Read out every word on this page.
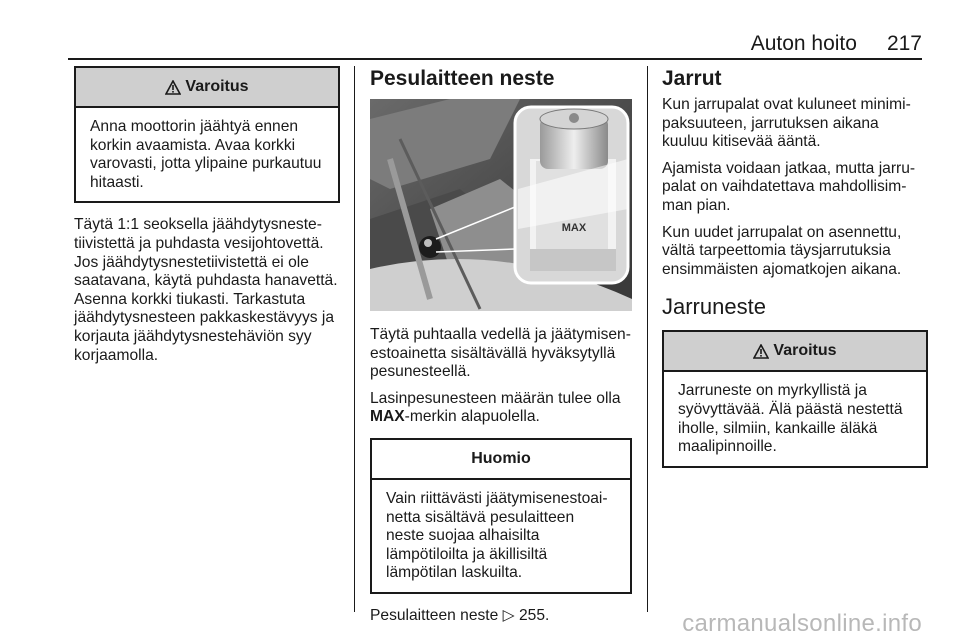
Auton hoito 217
Varoitus
Anna moottorin jäähtyä ennen korkin avaamista. Avaa korkki varovasti, jotta ylipaine purkautuu hitaasti.

Täytä 1:1 seoksella jäähdytysnestetiivistettä ja puhdasta vesijohtovettä. Jos jäähdytysnestetiivistettä ei ole saatavana, käytä puhdasta hanavettä. Asenna korkki tiukasti. Tarkastuta jäähdytysnesteen pakkaskestävyys ja korjauta jäähdytysnestehäviön syy korjaamolla.

Pesulaitteen neste
MAX

Täytä puhtaalla vedellä ja jäätymisenestoainetta sisältävällä hyväksytyllä pesunesteellä.

Lasinpesunesteen määrän tulee olla
MAX-merkin alapuolella.

Huomio
Vain riittävästi jäätymisenestoainetta sisältävä pesulaitteen neste suojaa alhaisilta lämpötiloilta ja äkillisiltä lämpötilan laskuilta.

Pesulaitteen neste ▷ 255.

Jarrut

Kun jarrupalat ovat kuluneet minimipaksuuteen, jarrutuksen aikana kuuluu kitisevää ääntä.

Ajamista voidaan jatkaa, mutta jarrupalat on vaihdatettava mahdollisimman pian.

Kun uudet jarrupalat on asennettu, vältä tarpeettomia täysjarrutuksia ensimmäisten ajomatkojen aikana.

Jarruneste
Varoitus
Jarruneste on myrkyllistä ja syövyttävää. Älä päästä nestettä iholle, silmiin, kankaille äläkä maalipinnoille.
carmanualsonline.info
